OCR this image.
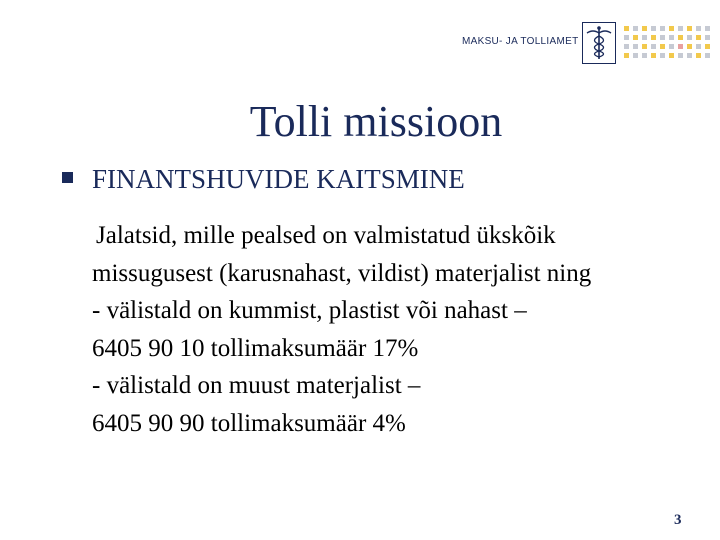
MAKSU- JA TOLLIAMET
Tolli missioon
FINANTSHUVIDE KAITSMINE
Jalatsid, mille pealsed on valmistatud ükskõik
missugusest (karusnahast, vildist) materjalist ning
- välistald on kummist, plastist või nahast –
6405 90 10 tollimaksumäär 17%
- välistald on muust materjalist –
6405 90 90 tollimaksumäär 4%
3
